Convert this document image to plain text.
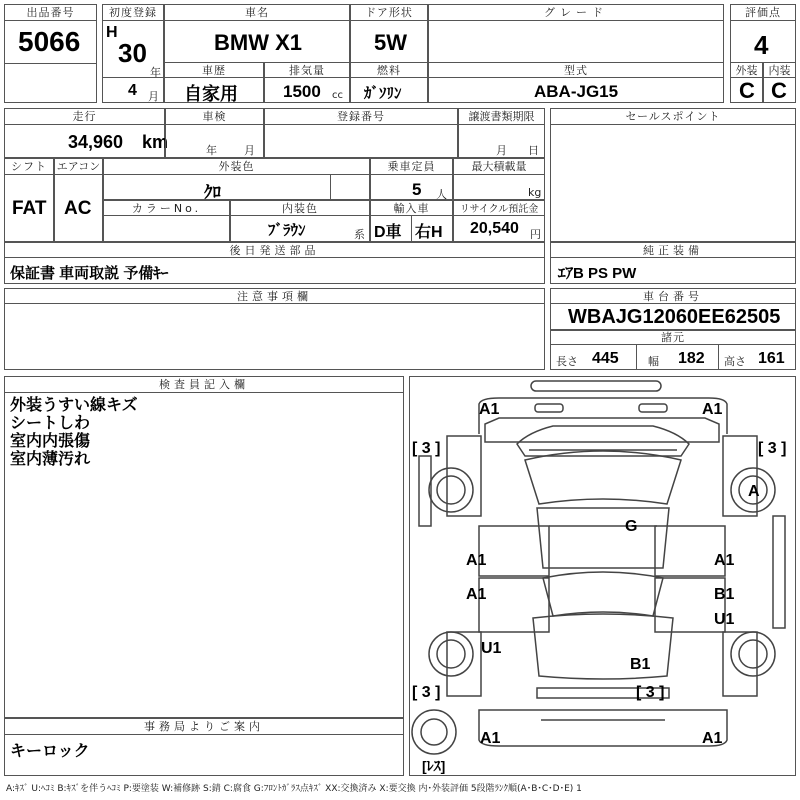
出品番号
5066
初度登録
H
30
年
4 月
車名
BMW X1
ドア形状
5W
グレード	評価点
4
車歴
自家用
排気量
1500 cc
燃料
ｶﾞｿﾘﾝ
型式
ABA-JG15
外装
C
内装
C
走行
34,960 km
車検
年 月
登録番号	譲渡書類期限
月 日
セールスポイント
シフト
FAT
エアコン
AC
外装色
ｸﾛ
乗車定員
5 人
最大積載量
kg
カラーNo.	内装色
ﾌﾞﾗｳﾝ	系
輸入車
D車 右H
リサイクル預託金
20,540 円
後日発送部品
保証書 車両取説 予備ｷｰ
純正装備
ｴｱB PS PW
注意事項欄	車台番号
WBAJG12060EE62505
諸元
長さ 445	幅 182 高さ 161
検査員記入欄
外装うすい線キズ
シートしわ
室内内張傷
室内薄汚れ
事務局よりご案内
キーロック
A1	A1
[ 3 ]	[ 3 ]
A
G
A1	A1
A1	B1
U1
U1
B1
[ 3 ]	[ 3 ]
A1	A1
[ﾚｽ]
A:ｷｽﾞ U:ﾍｺﾐ B:ｷｽﾞを伴うﾍｺﾐ P:要塗装 W:補修跡 S:錆 C:腐食 G:ﾌﾛﾝﾄｶﾞﾗｽ点ｷｽﾞ XX:交換済み X:要交換 内･外装評価 5段階ﾗﾝｸ順(A･B･C･D･E) 1
